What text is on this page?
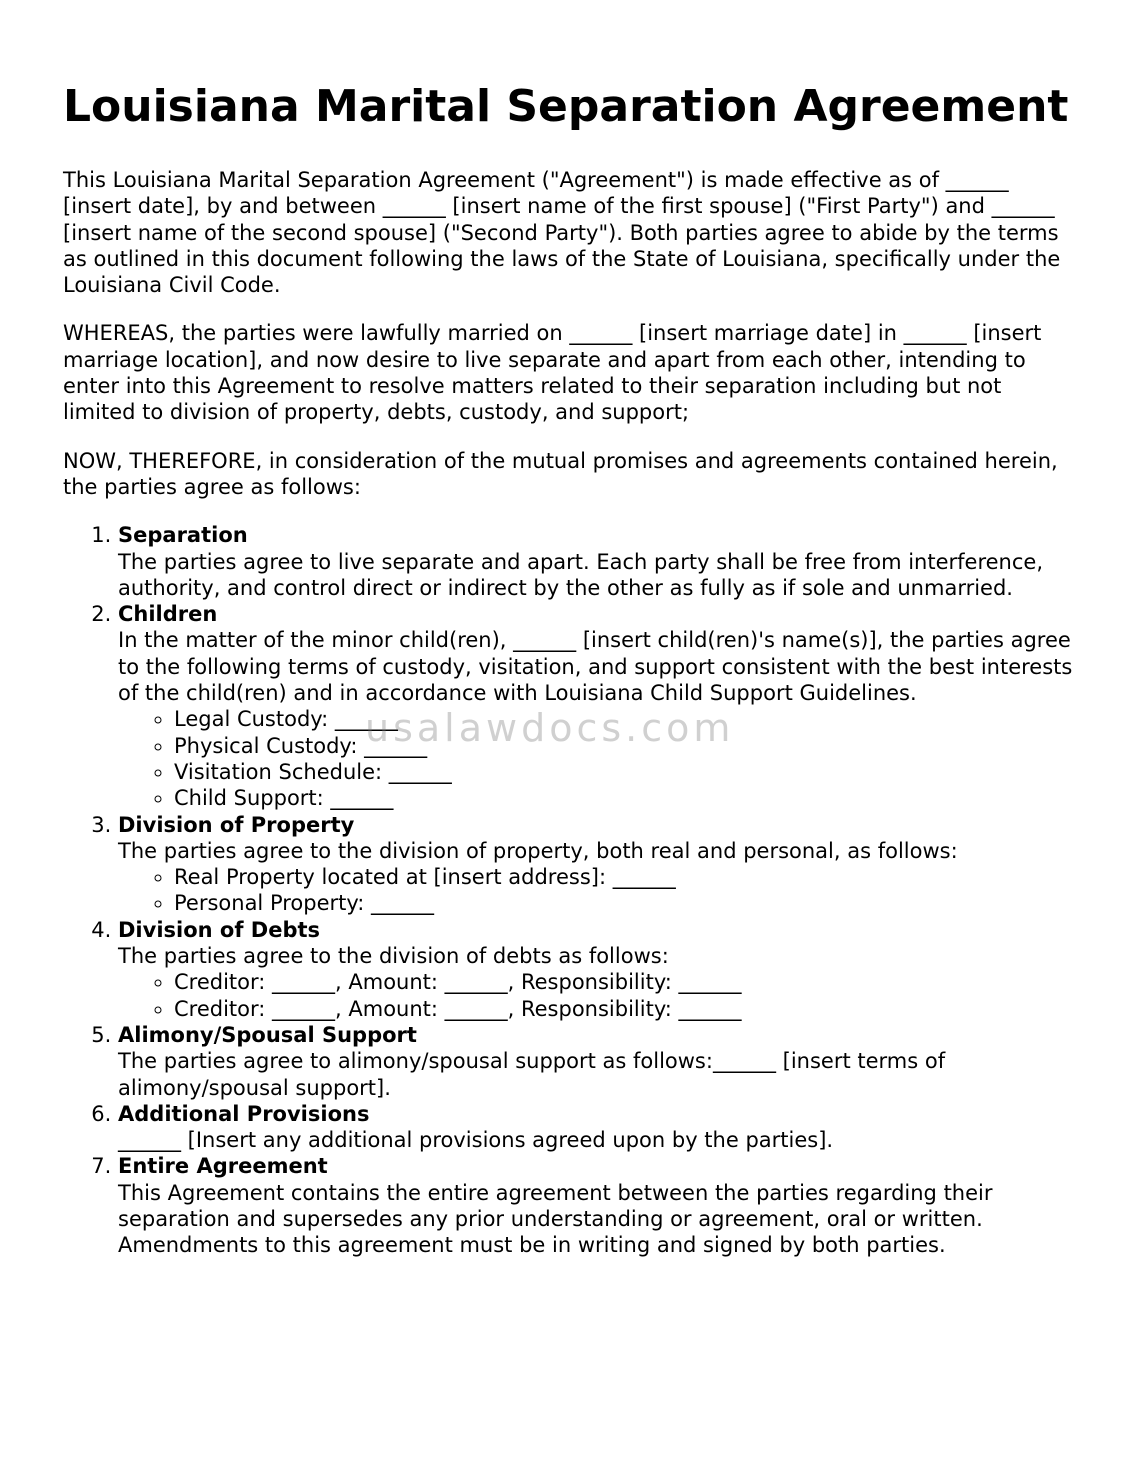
Louisiana Marital Separation Agreement

This Louisiana Marital Separation Agreement ("Agreement") is made effective as of ______ [insert date], by and between ______ [insert name of the first spouse] ("First Party") and ______ [insert name of the second spouse] ("Second Party"). Both parties agree to abide by the terms as outlined in this document following the laws of the State of Louisiana, specifically under the Louisiana Civil Code.

WHEREAS, the parties were lawfully married on ______ [insert marriage date] in ______ [insert marriage location], and now desire to live separate and apart from each other, intending to enter into this Agreement to resolve matters related to their separation including but not limited to division of property, debts, custody, and support;

NOW, THEREFORE, in consideration of the mutual promises and agreements contained herein, the parties agree as follows:

1. Separation
The parties agree to live separate and apart. Each party shall be free from interference, authority, and control direct or indirect by the other as fully as if sole and unmarried.
2. Children
In the matter of the minor child(ren), ______ [insert child(ren)'s name(s)], the parties agree to the following terms of custody, visitation, and support consistent with the best interests of the child(ren) and in accordance with Louisiana Child Support Guidelines.
◦ Legal Custody: ______
◦ Physical Custody: ______
◦ Visitation Schedule: ______
◦ Child Support: ______
3. Division of Property
The parties agree to the division of property, both real and personal, as follows:
◦ Real Property located at [insert address]: ______
◦ Personal Property: ______
4. Division of Debts
The parties agree to the division of debts as follows:
◦ Creditor: ______, Amount: ______, Responsibility: ______
◦ Creditor: ______, Amount: ______, Responsibility: ______
5. Alimony/Spousal Support
The parties agree to alimony/spousal support as follows:______ [insert terms of alimony/spousal support].
6. Additional Provisions
______ [Insert any additional provisions agreed upon by the parties].
7. Entire Agreement
This Agreement contains the entire agreement between the parties regarding their separation and supersedes any prior understanding or agreement, oral or written. Amendments to this agreement must be in writing and signed by both parties.
usalawdocs.com
